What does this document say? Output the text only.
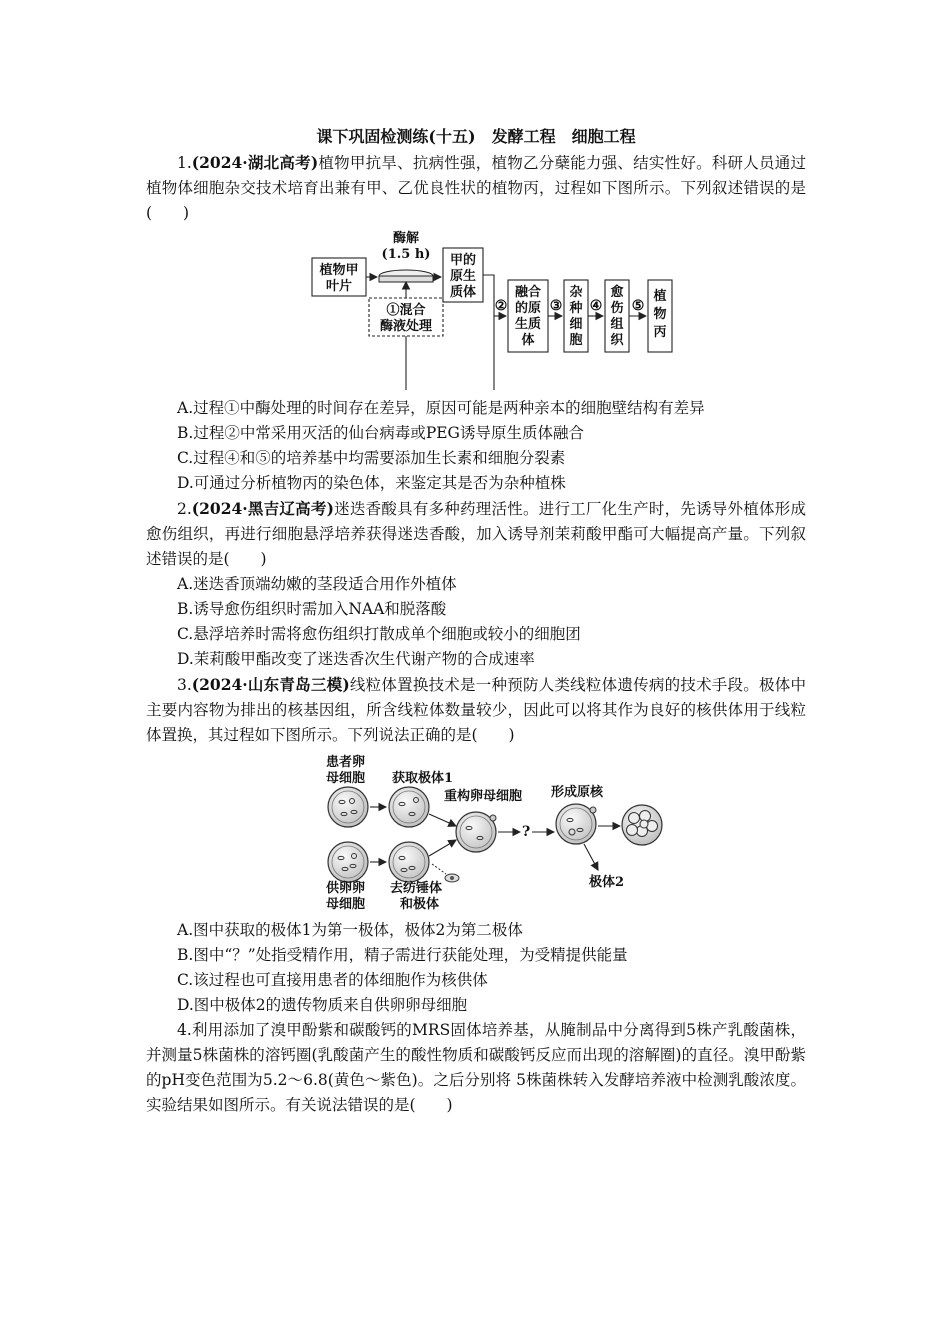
课下巩固检测练(十五)　发酵工程　细胞工程
1.(2024·湖北高考)植物甲抗旱、抗病性强，植物乙分蘖能力强、结实性好。科研人员通过植物体细胞杂交技术培育出兼有甲、乙优良性状的植物丙，过程如下图所示。下列叙述错误的是(　　)
植物甲
叶片
酶解
(1.5 h)
①混合
酶液处理
甲的
原生
质体
②
融合
的原
生质
体
③
杂
种
细
胞
④
愈
伤
组
织
⑤
植
物
丙
A.过程①中酶处理的时间存在差异，原因可能是两种亲本的细胞壁结构有差异
B.过程②中常采用灭活的仙台病毒或PEG诱导原生质体融合
C.过程④和⑤的培养基中均需要添加生长素和细胞分裂素
D.可通过分析植物丙的染色体，来鉴定其是否为杂种植株
2.(2024·黑吉辽高考)迷迭香酸具有多种药理活性。进行工厂化生产时，先诱导外植体形成愈伤组织，再进行细胞悬浮培养获得迷迭香酸，加入诱导剂茉莉酸甲酯可大幅提高产量。下列叙述错误的是(　　)
A.迷迭香顶端幼嫩的茎段适合用作外植体
B.诱导愈伤组织时需加入NAA和脱落酸
C.悬浮培养时需将愈伤组织打散成单个细胞或较小的细胞团
D.茉莉酸甲酯改变了迷迭香次生代谢产物的合成速率
3.(2024·山东青岛三模)线粒体置换技术是一种预防人类线粒体遗传病的技术手段。极体中主要内容物为排出的核基因组，所含线粒体数量较少，因此可以将其作为良好的核供体用于线粒体置换，其过程如下图所示。下列说法正确的是(　　)
患者卵
母细胞 获取极体1
重构卵母细胞
?
形成原核
极体2
供卵卵
母细胞
去纺锤体
和极体
A.图中获取的极体1为第一极体，极体2为第二极体
B.图中“？”处指受精作用，精子需进行获能处理，为受精提供能量
C.该过程也可直接用患者的体细胞作为核供体
D.图中极体2的遗传物质来自供卵卵母细胞
4.利用添加了溴甲酚紫和碳酸钙的MRS固体培养基，从腌制品中分离得到5株产乳酸菌株，并测量5株菌株的溶钙圈(乳酸菌产生的酸性物质和碳酸钙反应而出现的溶解圈)的直径。溴甲酚紫的pH变色范围为5.2～6.8(黄色～紫色)。之后分别将 5株菌株转入发酵培养液中检测乳酸浓度。实验结果如图所示。有关说法错误的是(　　)
